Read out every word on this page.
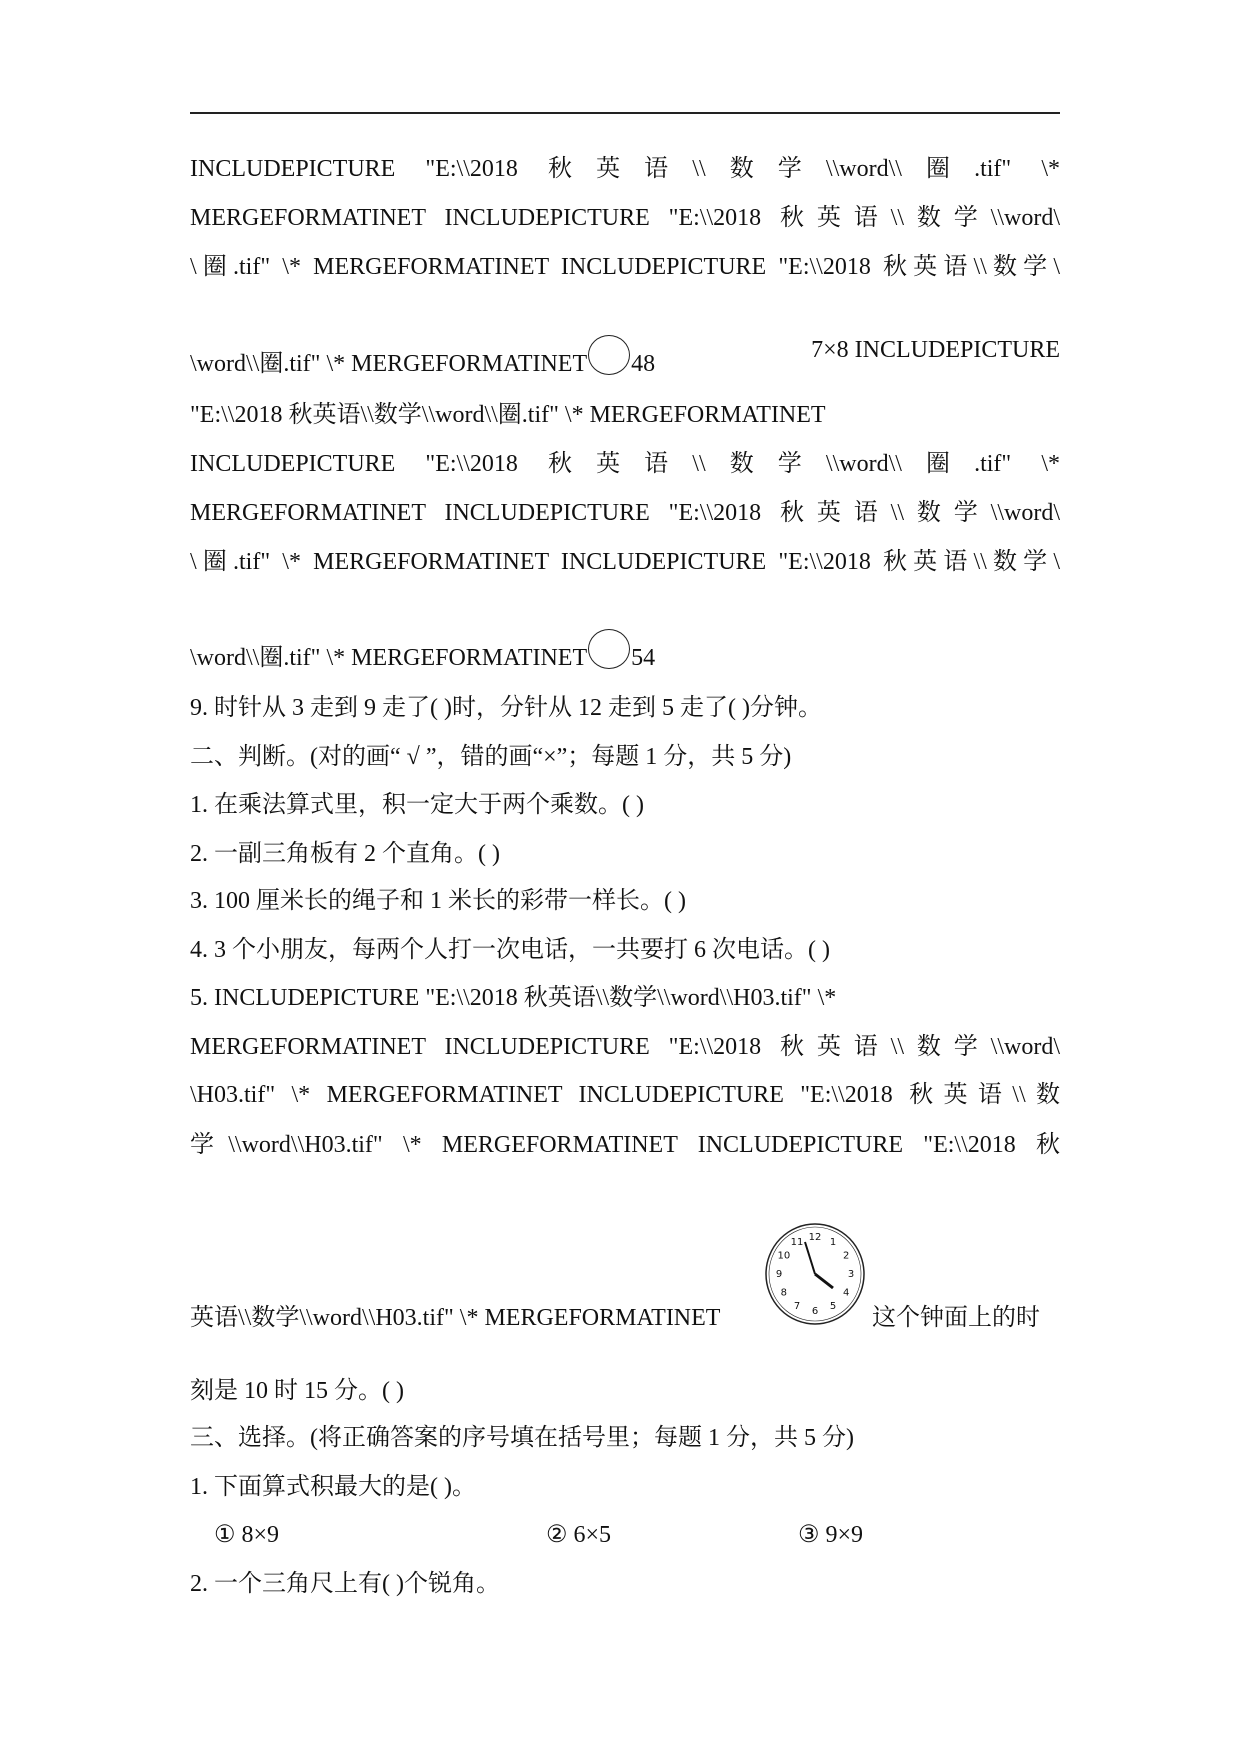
INCLUDEPICTURE "E:\\2018 秋英语\\数学\\word\\圈.tif" \*
MERGEFORMATINET INCLUDEPICTURE "E:\\2018 秋英语\\数学\\word\
\圈.tif" \* MERGEFORMATINET INCLUDEPICTURE "E:\\2018 秋英语\\数学\
\word\\圈.tif" \* MERGEFORMATINET 48
7×8 INCLUDEPICTURE
"E:\\2018 秋英语\\数学\\word\\圈.tif" \* MERGEFORMATINET
INCLUDEPICTURE "E:\\2018 秋英语\\数学\\word\\圈.tif" \*
MERGEFORMATINET INCLUDEPICTURE "E:\\2018 秋英语\\数学\\word\
\圈.tif" \* MERGEFORMATINET INCLUDEPICTURE "E:\\2018 秋英语\\数学\
\word\\圈.tif" \* MERGEFORMATINET 54
9. 时针从 3 走到 9 走了( )时，分针从 12 走到 5 走了( )分钟。
二、判断。(对的画“ √ ”，错的画“×”；每题 1 分，共 5 分)
1. 在乘法算式里，积一定大于两个乘数。( )
2. 一副三角板有 2 个直角。( )
3. 100 厘米长的绳子和 1 米长的彩带一样长。( )
4. 3 个小朋友，每两个人打一次电话，一共要打 6 次电话。( )
5. INCLUDEPICTURE "E:\\2018 秋英语\\数学\\word\\H03.tif" \*
MERGEFORMATINET INCLUDEPICTURE "E:\\2018 秋英语\\数学\\word\
\H03.tif" \* MERGEFORMATINET INCLUDEPICTURE "E:\\2018 秋英语\\数
学\\word\\H03.tif" \* MERGEFORMATINET INCLUDEPICTURE "E:\\2018 秋
英语\\数学\\word\\H03.tif" \* MERGEFORMATINET
12 1
2
3
4
5
6
7
8
9
10
11
这个钟面上的时
刻是 10 时 15 分。( )
三、选择。(将正确答案的序号填在括号里；每题 1 分，共 5 分)
1. 下面算式积最大的是( )。
① 8×9	② 6×5	③ 9×9
2. 一个三角尺上有( )个锐角。
